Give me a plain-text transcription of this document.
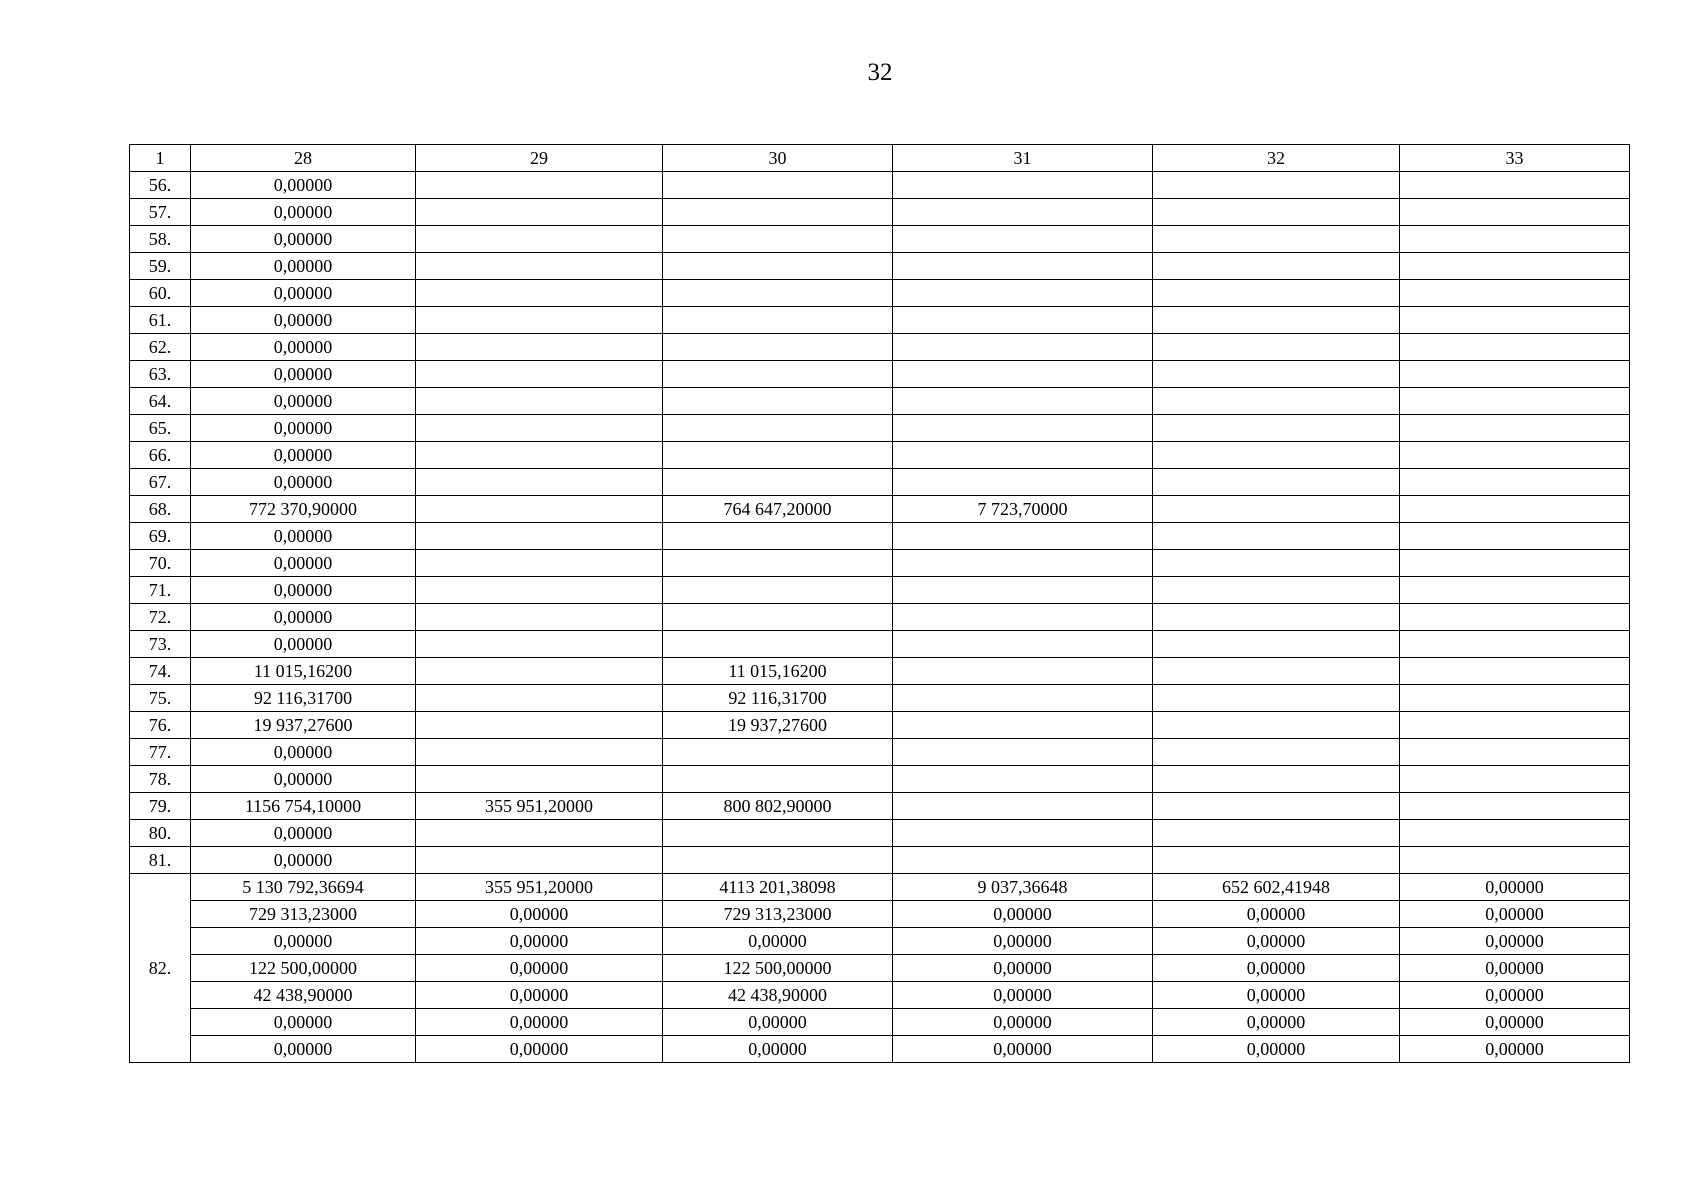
32
1	28	29	30	31	32	33
56.	0,00000					
57.	0,00000					
58.	0,00000					
59.	0,00000					
60.	0,00000					
61.	0,00000					
62.	0,00000					
63.	0,00000					
64.	0,00000					
65.	0,00000					
66.	0,00000					
67.	0,00000					
68.	772 370,90000		764 647,20000	7 723,70000		
69.	0,00000					
70.	0,00000					
71.	0,00000					
72.	0,00000					
73.	0,00000					
74.	11 015,16200		11 015,16200			
75.	92 116,31700		92 116,31700			
76.	19 937,27600		19 937,27600			
77.	0,00000					
78.	0,00000					
79.	1156 754,10000	355 951,20000	800 802,90000			
80.	0,00000					
81.	0,00000					
82.	5 130 792,36694	355 951,20000	4113 201,38098	9 037,36648	652 602,41948	0,00000
	729 313,23000	0,00000	729 313,23000	0,00000	0,00000	0,00000
	0,00000	0,00000	0,00000	0,00000	0,00000	0,00000
	122 500,00000	0,00000	122 500,00000	0,00000	0,00000	0,00000
	42 438,90000	0,00000	42 438,90000	0,00000	0,00000	0,00000
	0,00000	0,00000	0,00000	0,00000	0,00000	0,00000
	0,00000	0,00000	0,00000	0,00000	0,00000	0,00000
